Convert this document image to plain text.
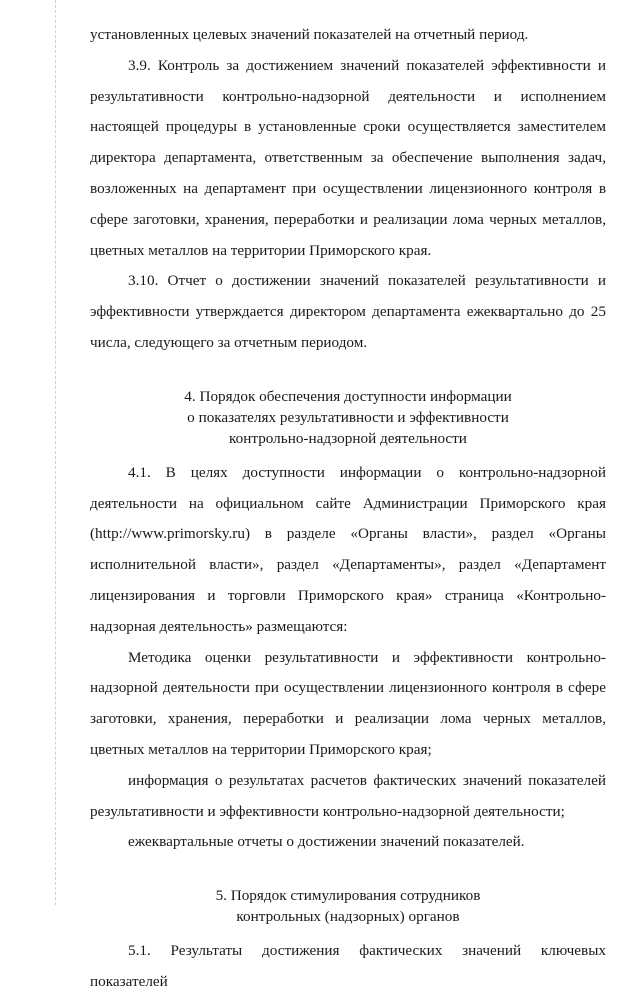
установленных целевых значений показателей на отчетный период.

3.9. Контроль за достижением значений показателей эффективности и результативности контрольно-надзорной деятельности и исполнением настоящей процедуры в установленные сроки осуществляется заместителем директора департамента, ответственным за обеспечение выполнения задач, возложенных на департамент при осуществлении лицензионного контроля в сфере заготовки, хранения, переработки и реализации лома черных металлов, цветных металлов на территории Приморского края.

3.10. Отчет о достижении значений показателей результативности и эффективности утверждается директором департамента ежеквартально до 25 числа, следующего за отчетным периодом.

4. Порядок обеспечения доступности информации

о показателях результативности и эффективности

контрольно-надзорной деятельности

4.1. В целях доступности информации о контрольно-надзорной деятельности на официальном сайте Администрации Приморского края (http://www.primorsky.ru) в разделе «Органы власти», раздел «Органы исполнительной власти», раздел «Департаменты», раздел «Департамент лицензирования и торговли Приморского края» страница «Контрольно-надзорная деятельность» размещаются:

Методика оценки результативности и эффективности контрольно-надзорной деятельности при осуществлении лицензионного контроля в сфере заготовки, хранения, переработки и реализации лома черных металлов, цветных металлов на территории Приморского края;

информация о результатах расчетов фактических значений показателей результативности и эффективности контрольно-надзорной деятельности;

ежеквартальные отчеты о достижении значений показателей.

5. Порядок стимулирования сотрудников

контрольных (надзорных) органов

5.1. Результаты достижения фактических значений ключевых показателей
